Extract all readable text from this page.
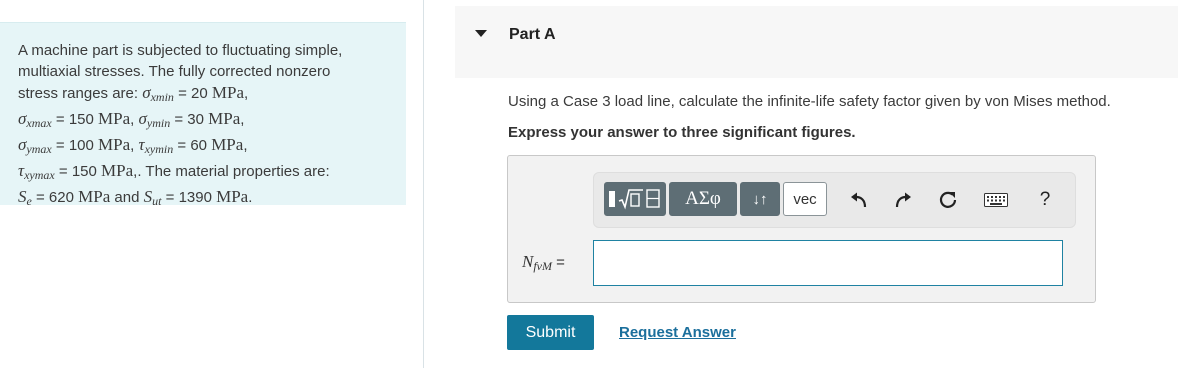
A machine part is subjected to fluctuating simple,
multiaxial stresses. The fully corrected nonzero
stress ranges are: $\sigma_{xmin} = 20$ MPa,
$\sigma_{xmax} = 150$ MPa, $\sigma_{ymin} = 30$ MPa,
$\sigma_{ymax} = 100$ MPa, $\tau_{xymin} = 60$ MPa,
$\tau_{xymax} = 150$ MPa,. The material properties are:
$S_e = 620$ MPa and $S_{ut} = 1390$ MPa.
Part A
Using a Case 3 load line, calculate the infinite-life safety factor given by von Mises method.
Express your answer to three significant figures.
ΑΣφ	↓↑	vec	?
$N_{fvM}$ =
Submit	Request Answer
